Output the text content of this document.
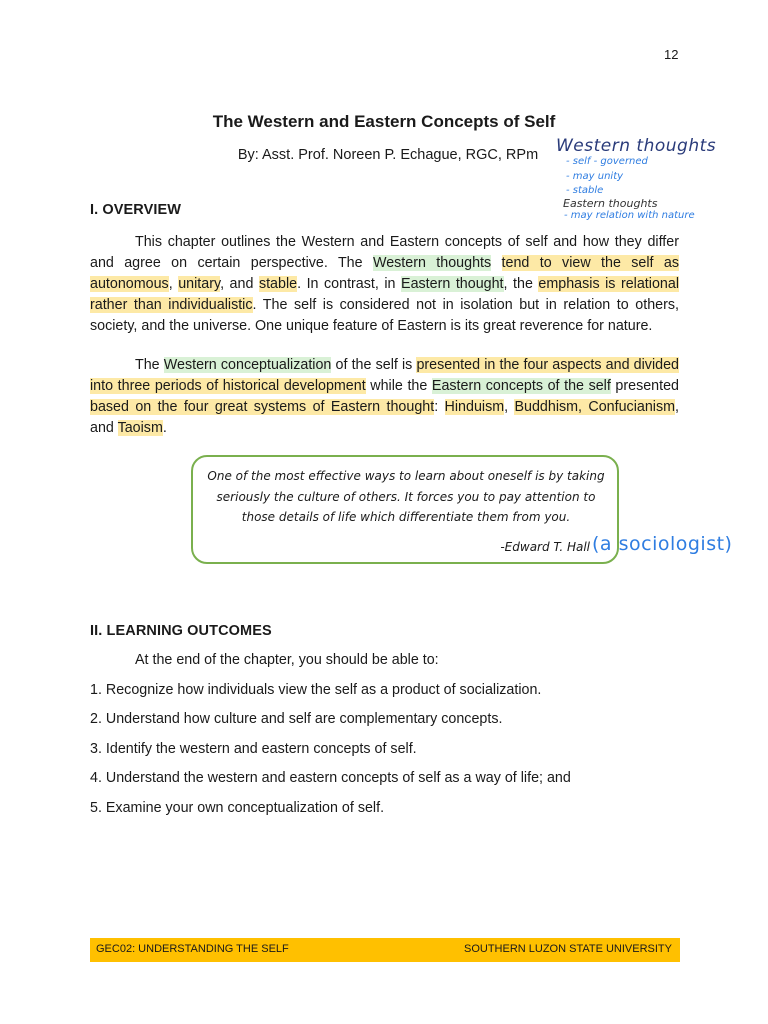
12
The Western and Eastern Concepts of Self
By: Asst. Prof. Noreen P. Echague, RGC, RPm	Western thoughts
- self - governed
- may unity
- stable
Eastern thoughts
- may relation with nature
I. OVERVIEW
This chapter outlines the Western and Eastern concepts of self and how they differ and agree on certain perspective. The Western thoughts tend to view the self as autonomous, unitary, and stable. In contrast, in Eastern thought, the emphasis is relational rather than individualistic. The self is considered not in isolation but in relation to others, society, and the universe. One unique feature of Eastern is its great reverence for nature.
The Western conceptualization of the self is presented in the four aspects and divided into three periods of historical development while the Eastern concepts of the self presented based on the four great systems of Eastern thought: Hinduism, Buddhism, Confucianism, and Taoism.
One of the most effective ways to learn about oneself is by taking seriously the culture of others. It forces you to pay attention to those details of life which differentiate them from you.
-Edward T. Hall (a sociologist)
II. LEARNING OUTCOMES
At the end of the chapter, you should be able to:
1. Recognize how individuals view the self as a product of socialization.
2. Understand how culture and self are complementary concepts.
3. Identify the western and eastern concepts of self.
4. Understand the western and eastern concepts of self as a way of life; and
5. Examine your own conceptualization of self.
GEC02: UNDERSTANDING THE SELF	SOUTHERN LUZON STATE UNIVERSITY
